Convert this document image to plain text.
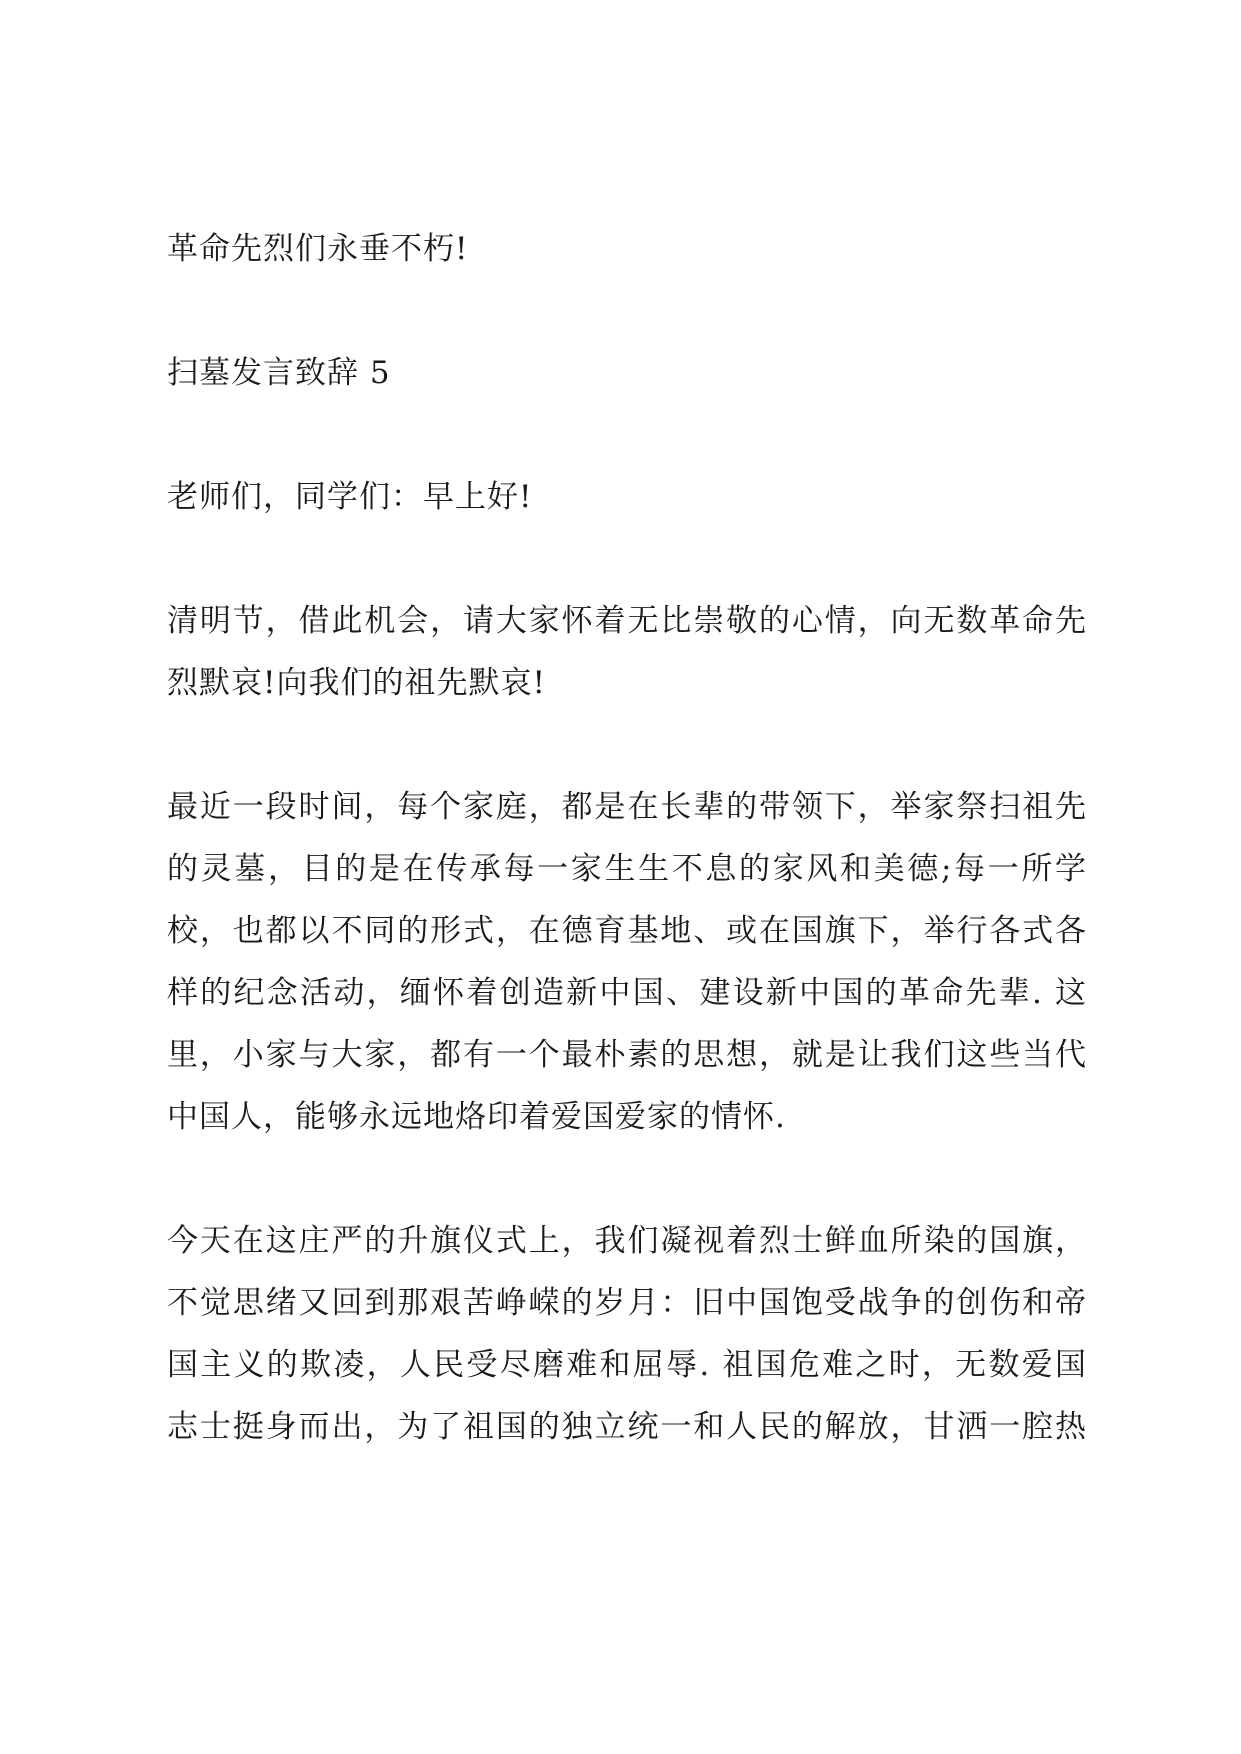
革命先烈们永垂不朽!
扫墓发言致辞 5
老师们，同学们：早上好!
清明节，借此机会，请大家怀着无比崇敬的心情，向无数革命先
烈默哀!向我们的祖先默哀!
最近一段时间，每个家庭，都是在长辈的带领下，举家祭扫祖先
的灵墓，目的是在传承每一家生生不息的家风和美德;每一所学
校，也都以不同的形式，在德育基地、或在国旗下，举行各式各
样的纪念活动，缅怀着创造新中国、建设新中国的革命先辈. 这
里，小家与大家，都有一个最朴素的思想，就是让我们这些当代
中国人，能够永远地烙印着爱国爱家的情怀.
今天在这庄严的升旗仪式上，我们凝视着烈士鲜血所染的国旗，
不觉思绪又回到那艰苦峥嵘的岁月：旧中国饱受战争的创伤和帝
国主义的欺凌，人民受尽磨难和屈辱. 祖国危难之时，无数爱国
志士挺身而出，为了祖国的独立统一和人民的解放，甘洒一腔热
